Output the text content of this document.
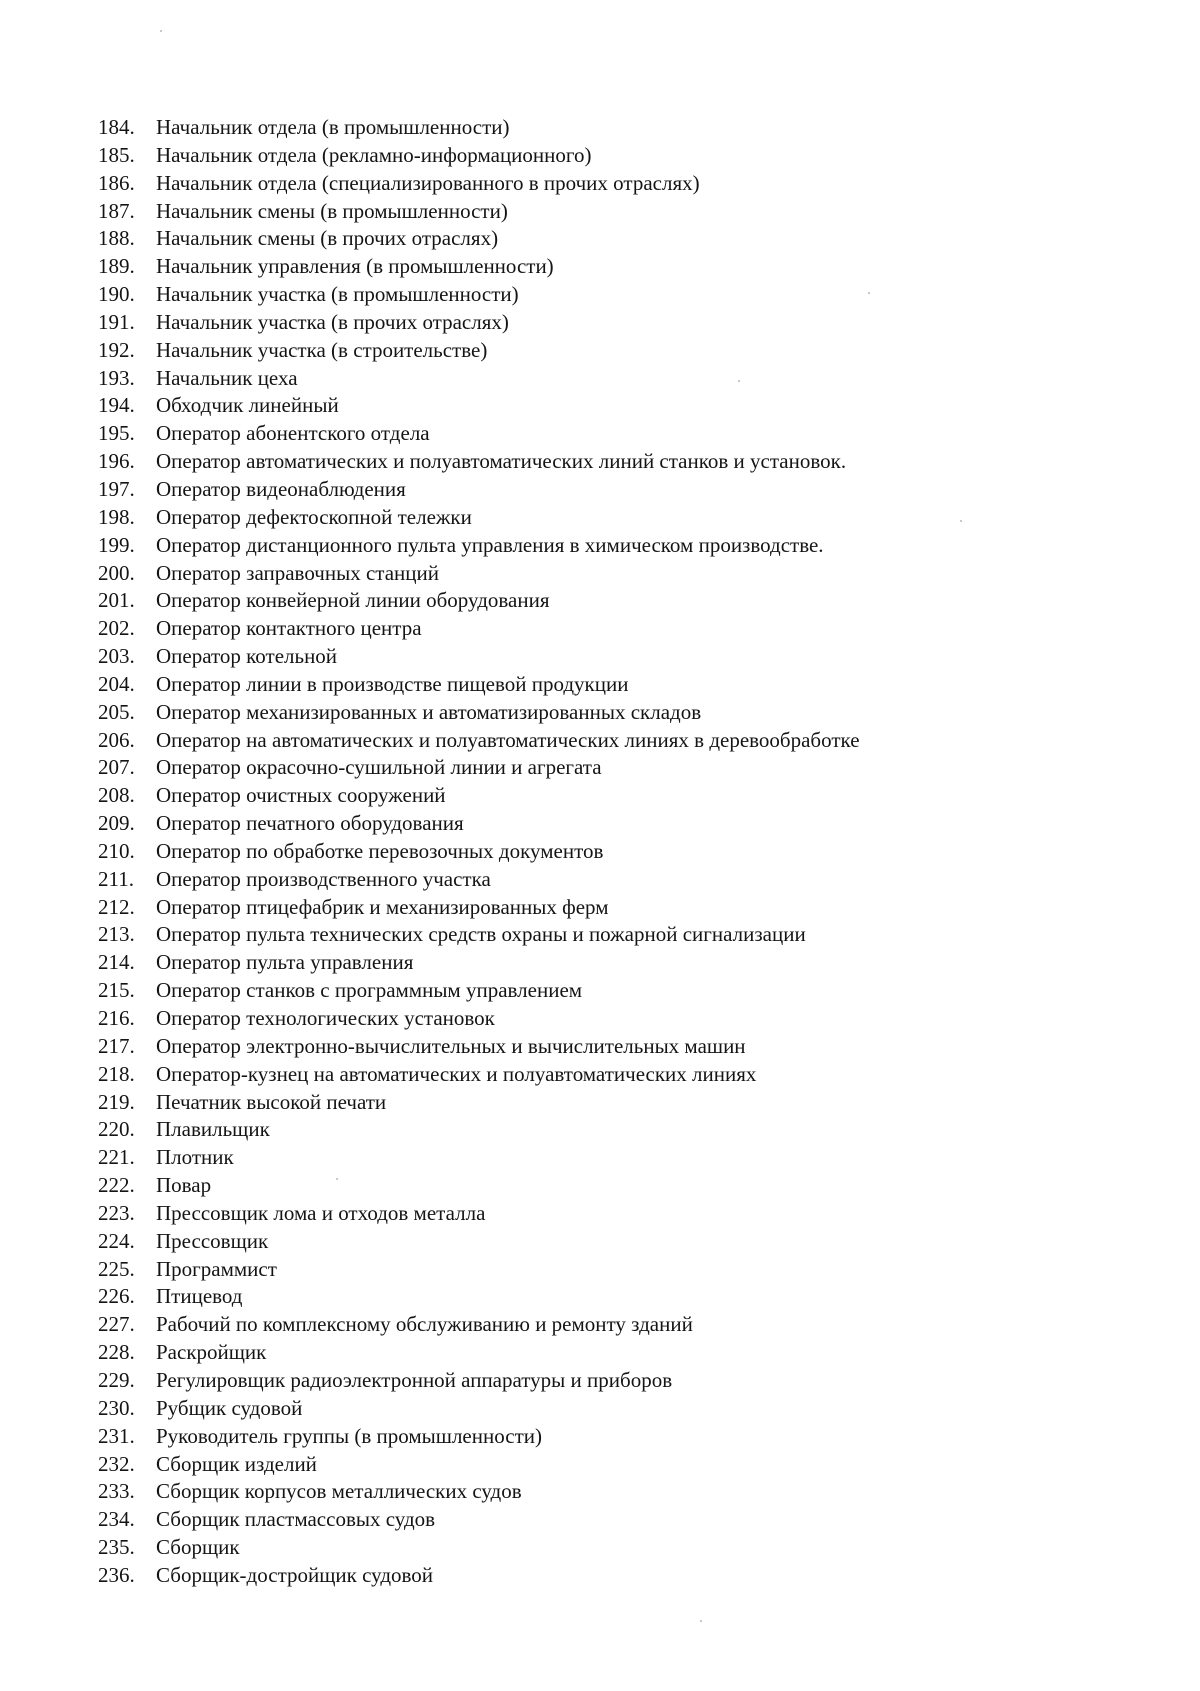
184.	Начальник отдела (в промышленности)
185.	Начальник отдела (рекламно-информационного)
186.	Начальник отдела (специализированного в прочих отраслях)
187.	Начальник смены (в промышленности)
188.	Начальник смены (в прочих отраслях)
189.	Начальник управления (в промышленности)
190.	Начальник участка (в промышленности)
191.	Начальник участка (в прочих отраслях)
192.	Начальник участка (в строительстве)
193.	Начальник цеха
194.	Обходчик линейный
195.	Оператор абонентского отдела
196.	Оператор автоматических и полуавтоматических линий станков и установок.
197.	Оператор видеонаблюдения
198.	Оператор дефектоскопной тележки
199.	Оператор дистанционного пульта управления в химическом производстве.
200.	Оператор заправочных станций
201.	Оператор конвейерной линии оборудования
202.	Оператор контактного центра
203.	Оператор котельной
204.	Оператор линии в производстве пищевой продукции
205.	Оператор механизированных и автоматизированных складов
206.	Оператор на автоматических и полуавтоматических линиях в деревообработке
207.	Оператор окрасочно-сушильной линии и агрегата
208.	Оператор очистных сооружений
209.	Оператор печатного оборудования
210.	Оператор по обработке перевозочных документов
211.	Оператор производственного участка
212.	Оператор птицефабрик и механизированных ферм
213.	Оператор пульта технических средств охраны и пожарной сигнализации
214.	Оператор пульта управления
215.	Оператор станков с программным управлением
216.	Оператор технологических установок
217.	Оператор электронно-вычислительных и вычислительных машин
218.	Оператор-кузнец на автоматических и полуавтоматических линиях
219.	Печатник высокой печати
220.	Плавильщик
221.	Плотник
222.	Повар
223.	Прессовщик лома и отходов металла
224.	Прессовщик
225.	Программист
226.	Птицевод
227.	Рабочий по комплексному обслуживанию и ремонту зданий
228.	Раскройщик
229.	Регулировщик радиоэлектронной аппаратуры и приборов
230.	Рубщик судовой
231.	Руководитель группы (в промышленности)
232.	Сборщик изделий
233.	Сборщик корпусов металлических судов
234.	Сборщик пластмассовых судов
235.	Сборщик
236.	Сборщик-достройщик судовой
